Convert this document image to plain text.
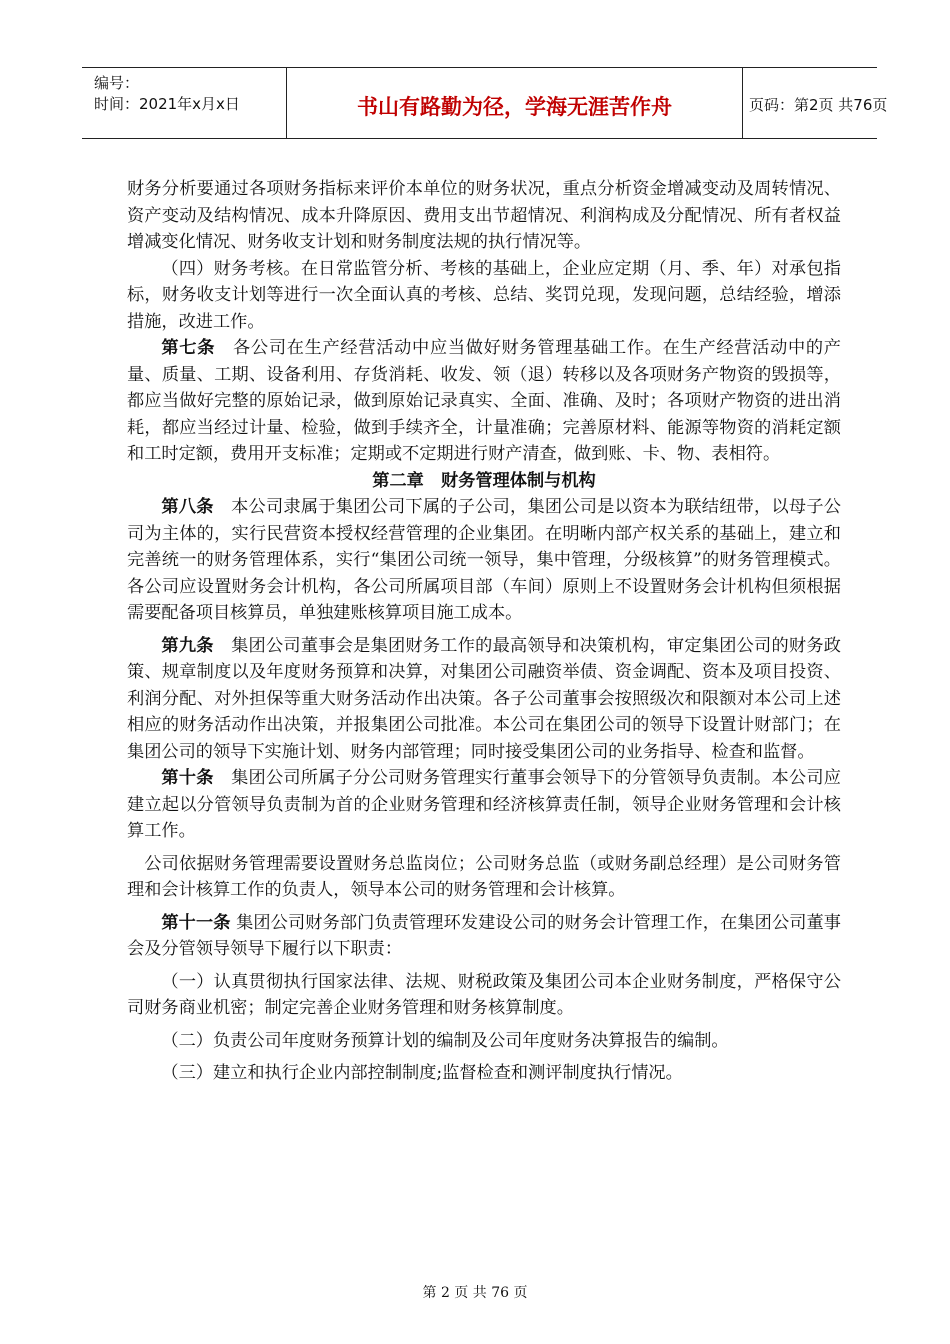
编号：
时间：2021年x月x日	书山有路勤为径，学海无涯苦作舟	页码：第2页 共76页

财务分析要通过各项财务指标来评价本单位的财务状况，重点分析资金增减变动及周转情况、资产变动及结构情况、成本升降原因、费用支出节超情况、利润构成及分配情况、所有者权益增减变化情况、财务收支计划和财务制度法规的执行情况等。

（四）财务考核。在日常监管分析、考核的基础上，企业应定期（月、季、年）对承包指标，财务收支计划等进行一次全面认真的考核、总结、奖罚兑现，发现问题，总结经验，增添措施，改进工作。

第七条　各公司在生产经营活动中应当做好财务管理基础工作。在生产经营活动中的产量、质量、工期、设备利用、存货消耗、收发、领（退）转移以及各项财务产物资的毁损等，都应当做好完整的原始记录，做到原始记录真实、全面、准确、及时；各项财产物资的进出消耗，都应当经过计量、检验，做到手续齐全，计量准确；完善原材料、能源等物资的消耗定额和工时定额，费用开支标准；定期或不定期进行财产清查，做到账、卡、物、表相符。

第二章　财务管理体制与机构

第八条　本公司隶属于集团公司下属的子公司，集团公司是以资本为联结纽带，以母子公司为主体的，实行民营资本授权经营管理的企业集团。在明晰内部产权关系的基础上，建立和完善统一的财务管理体系，实行“集团公司统一领导，集中管理，分级核算”的财务管理模式。各公司应设置财务会计机构，各公司所属项目部（车间）原则上不设置财务会计机构但须根据需要配备项目核算员，单独建账核算项目施工成本。

第九条　集团公司董事会是集团财务工作的最高领导和决策机构，审定集团公司的财务政策、规章制度以及年度财务预算和决算，对集团公司融资举债、资金调配、资本及项目投资、利润分配、对外担保等重大财务活动作出决策。各子公司董事会按照级次和限额对本公司上述相应的财务活动作出决策，并报集团公司批准。本公司在集团公司的领导下设置计财部门；在集团公司的领导下实施计划、财务内部管理；同时接受集团公司的业务指导、检查和监督。

第十条　集团公司所属子分公司财务管理实行董事会领导下的分管领导负责制。本公司应建立起以分管领导负责制为首的企业财务管理和经济核算责任制，领导企业财务管理和会计核算工作。

公司依据财务管理需要设置财务总监岗位；公司财务总监（或财务副总经理）是公司财务管理和会计核算工作的负责人，领导本公司的财务管理和会计核算。

第十一条 集团公司财务部门负责管理环发建设公司的财务会计管理工作，在集团公司董事会及分管领导领导下履行以下职责：

（一）认真贯彻执行国家法律、法规、财税政策及集团公司本企业财务制度，严格保守公司财务商业机密；制定完善企业财务管理和财务核算制度。

（二）负责公司年度财务预算计划的编制及公司年度财务决算报告的编制。

（三）建立和执行企业内部控制制度;监督检查和测评制度执行情况。

第 2 页 共 76 页
